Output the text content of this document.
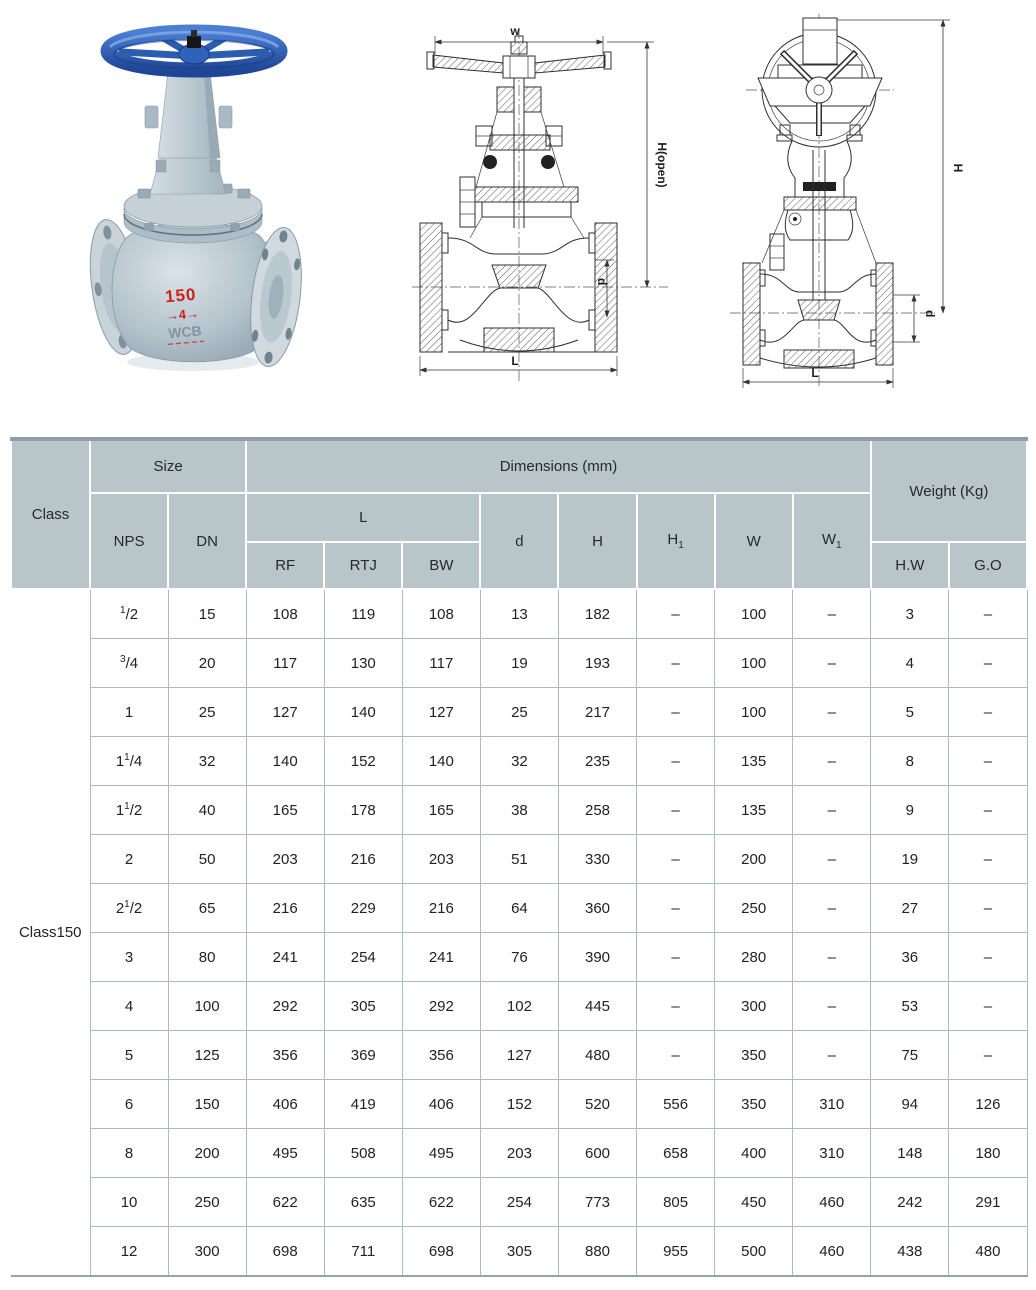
150
→4→
WCB
w
d
H(open)
L
d
H
L
Class	Size		Dimensions (mm)								Weight (Kg)	
	NPS	DN	L			d	H	$H_1$	W	$W_1$
			RF	RTJ	BW						H.W	G.O
Class150	$^1$/2	15	108	119	108	13	182	–	100	–	3	–
	$^3$/4	20	117	130	117	19	193	–	100	–	4	–
	1	25	127	140	127	25	217	–	100	–	5	–
	$1^1/4$	32	140	152	140	32	235	–	135	–	8	–
	$1^1/2$	40	165	178	165	38	258	–	135	–	9	–
	2	50	203	216	203	51	330	–	200	–	19	–
	$2^1/2$	65	216	229	216	64	360	–	250	–	27	–
	3	80	241	254	241	76	390	–	280	–	36	–
	4	100	292	305	292	102	445	–	300	–	53	–
	5	125	356	369	356	127	480	–	350	–	75	–
	6	150	406	419	406	152	520	556	350	310	94	126
	8	200	495	508	495	203	600	658	400	310	148	180
	10	250	622	635	622	254	773	805	450	460	242	291
	12	300	698	711	698	305	880	955	500	460	438	480
